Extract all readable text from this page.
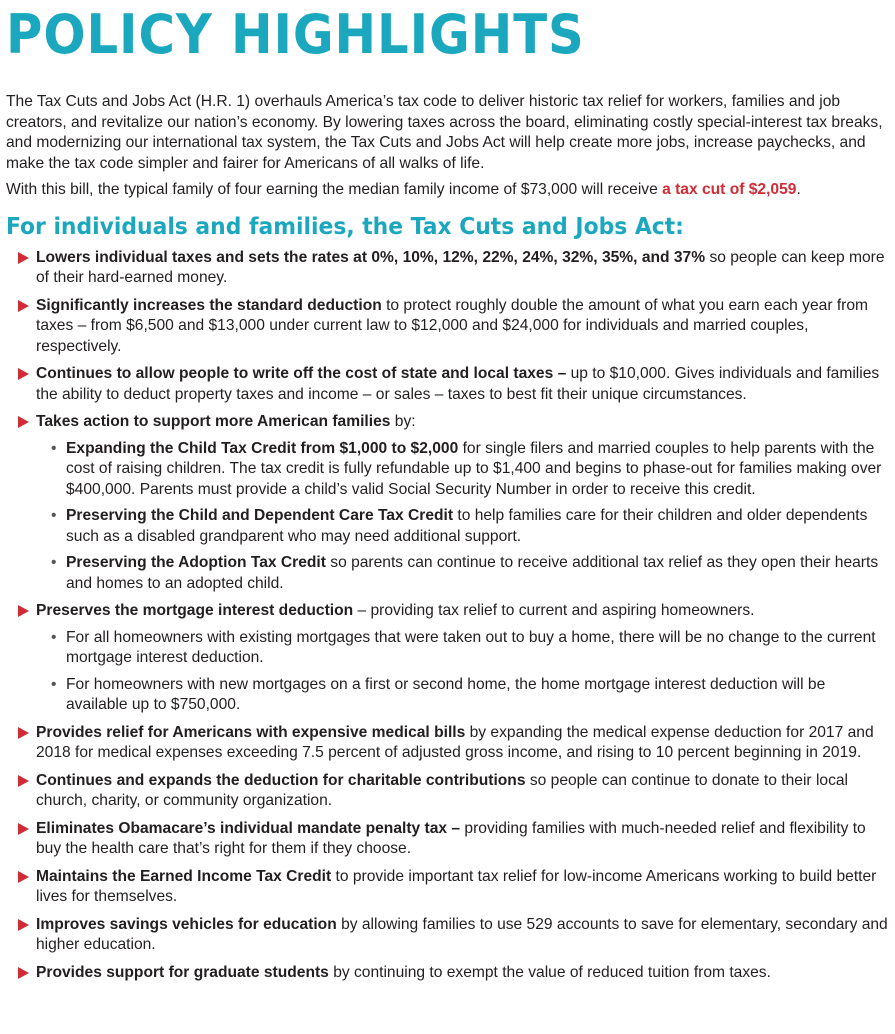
POLICY HIGHLIGHTS

The Tax Cuts and Jobs Act (H.R. 1) overhauls America’s tax code to deliver historic tax relief for workers, families and job creators, and revitalize our nation’s economy. By lowering taxes across the board, eliminating costly special-interest tax breaks, and modernizing our international tax system, the Tax Cuts and Jobs Act will help create more jobs, increase paychecks, and make the tax code simpler and fairer for Americans of all walks of life.

With this bill, the typical family of four earning the median family income of $73,000 will receive a tax cut of $2,059.

For individuals and families, the Tax Cuts and Jobs Act:
Lowers individual taxes and sets the rates at 0%, 10%, 12%, 22%, 24%, 32%, 35%, and 37% so people can keep more of their hard-earned money.
Significantly increases the standard deduction to protect roughly double the amount of what you earn each year from taxes – from $6,500 and $13,000 under current law to $12,000 and $24,000 for individuals and married couples, respectively.
Continues to allow people to write off the cost of state and local taxes – up to $10,000. Gives individuals and families the ability to deduct property taxes and income – or sales – taxes to best fit their unique circumstances.
Takes action to support more American families by:
• Expanding the Child Tax Credit from $1,000 to $2,000 for single filers and married couples to help parents with the cost of raising children. The tax credit is fully refundable up to $1,400 and begins to phase-out for families making over $400,000. Parents must provide a child’s valid Social Security Number in order to receive this credit.
• Preserving the Child and Dependent Care Tax Credit to help families care for their children and older dependents such as a disabled grandparent who may need additional support.
• Preserving the Adoption Tax Credit so parents can continue to receive additional tax relief as they open their hearts and homes to an adopted child.
Preserves the mortgage interest deduction – providing tax relief to current and aspiring homeowners.
• For all homeowners with existing mortgages that were taken out to buy a home, there will be no change to the current mortgage interest deduction.
• For homeowners with new mortgages on a first or second home, the home mortgage interest deduction will be available up to $750,000.
Provides relief for Americans with expensive medical bills by expanding the medical expense deduction for 2017 and 2018 for medical expenses exceeding 7.5 percent of adjusted gross income, and rising to 10 percent beginning in 2019.
Continues and expands the deduction for charitable contributions so people can continue to donate to their local church, charity, or community organization.
Eliminates Obamacare’s individual mandate penalty tax – providing families with much-needed relief and flexibility to buy the health care that’s right for them if they choose.
Maintains the Earned Income Tax Credit to provide important tax relief for low-income Americans working to build better lives for themselves.
Improves savings vehicles for education by allowing families to use 529 accounts to save for elementary, secondary and higher education.
Provides support for graduate students by continuing to exempt the value of reduced tuition from taxes.
